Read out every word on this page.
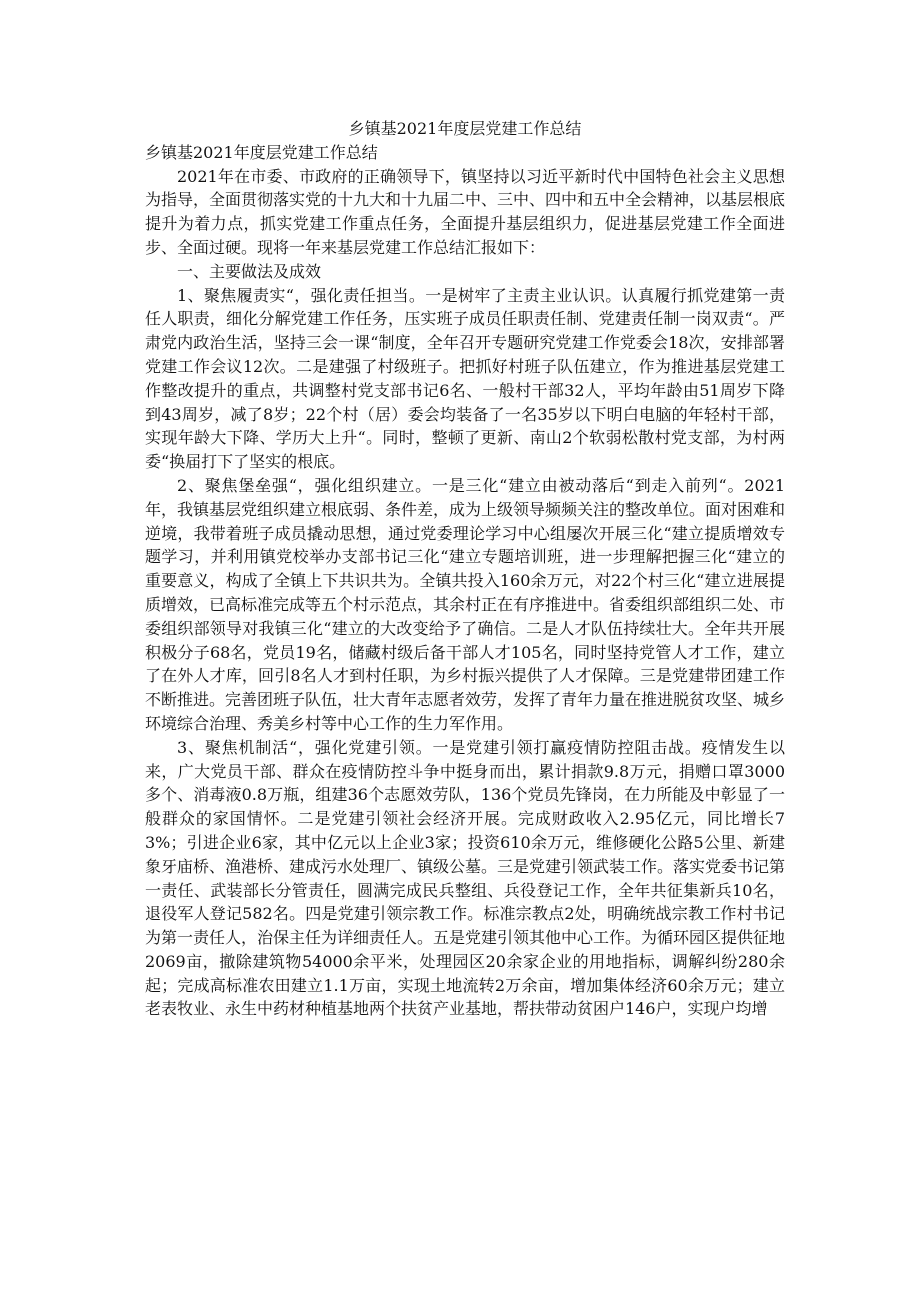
乡镇基2021年度层党建工作总结

乡镇基2021年度层党建工作总结

2021年在市委、市政府的正确领导下，镇坚持以习近平新时代中国特色社会主义思想为指导，全面贯彻落实党的十九大和十九届二中、三中、四中和五中全会精神，以基层根底提升为着力点，抓实党建工作重点任务，全面提升基层组织力，促进基层党建工作全面进步、全面过硬。现将一年来基层党建工作总结汇报如下：

一、主要做法及成效

1、聚焦履责实“，强化责任担当。一是树牢了主责主业认识。认真履行抓党建第一责任人职责，细化分解党建工作任务，压实班子成员任职责任制、党建责任制一岗双责“。严肃党内政治生活，坚持三会一课“制度，全年召开专题研究党建工作党委会18次，安排部署党建工作会议12次。二是建强了村级班子。把抓好村班子队伍建立，作为推进基层党建工作整改提升的重点，共调整村党支部书记6名、一般村干部32人，平均年龄由51周岁下降到43周岁，减了8岁；22个村（居）委会均装备了一名35岁以下明白电脑的年轻村干部，实现年龄大下降、学历大上升“。同时，整顿了更新、南山2个软弱松散村党支部，为村两委“换届打下了坚实的根底。

2、聚焦堡垒强“，强化组织建立。一是三化“建立由被动落后“到走入前列“。2021年，我镇基层党组织建立根底弱、条件差，成为上级领导频频关注的整改单位。面对困难和逆境，我带着班子成员撬动思想，通过党委理论学习中心组屡次开展三化“建立提质增效专题学习，并利用镇党校举办支部书记三化“建立专题培训班，进一步理解把握三化“建立的重要意义，构成了全镇上下共识共为。全镇共投入160余万元，对22个村三化“建立进展提质增效，已高标准完成等五个村示范点，其余村正在有序推进中。省委组织部组织二处、市委组织部领导对我镇三化“建立的大改变给予了确信。二是人才队伍持续壮大。全年共开展积极分子68名，党员19名，储藏村级后备干部人才105名，同时坚持党管人才工作，建立了在外人才库，回引8名人才到村任职，为乡村振兴提供了人才保障。三是党建带团建工作不断推进。完善团班子队伍，壮大青年志愿者效劳，发挥了青年力量在推进脱贫攻坚、城乡环境综合治理、秀美乡村等中心工作的生力军作用。

3、聚焦机制活“，强化党建引领。一是党建引领打赢疫情防控阻击战。疫情发生以来，广大党员干部、群众在疫情防控斗争中挺身而出，累计捐款9.8万元，捐赠口罩3000多个、消毒液0.8万瓶，组建36个志愿效劳队，136个党员先锋岗，在力所能及中彰显了一般群众的家国情怀。二是党建引领社会经济开展。完成财政收入2.95亿元，同比增长73%；引进企业6家，其中亿元以上企业3家；投资610余万元，维修硬化公路5公里、新建象牙庙桥、渔港桥、建成污水处理厂、镇级公墓。三是党建引领武装工作。落实党委书记第一责任、武装部长分管责任，圆满完成民兵整组、兵役登记工作，全年共征集新兵10名，退役军人登记582名。四是党建引领宗教工作。标准宗教点2处，明确统战宗教工作村书记为第一责任人，治保主任为详细责任人。五是党建引领其他中心工作。为循环园区提供征地2069亩，撤除建筑物54000余平米，处理园区20余家企业的用地指标，调解纠纷280余起；完成高标准农田建立1.1万亩，实现土地流转2万余亩，增加集体经济60余万元；建立老表牧业、永生中药材种植基地两个扶贫产业基地，帮扶带动贫困户146户，实现户均增
